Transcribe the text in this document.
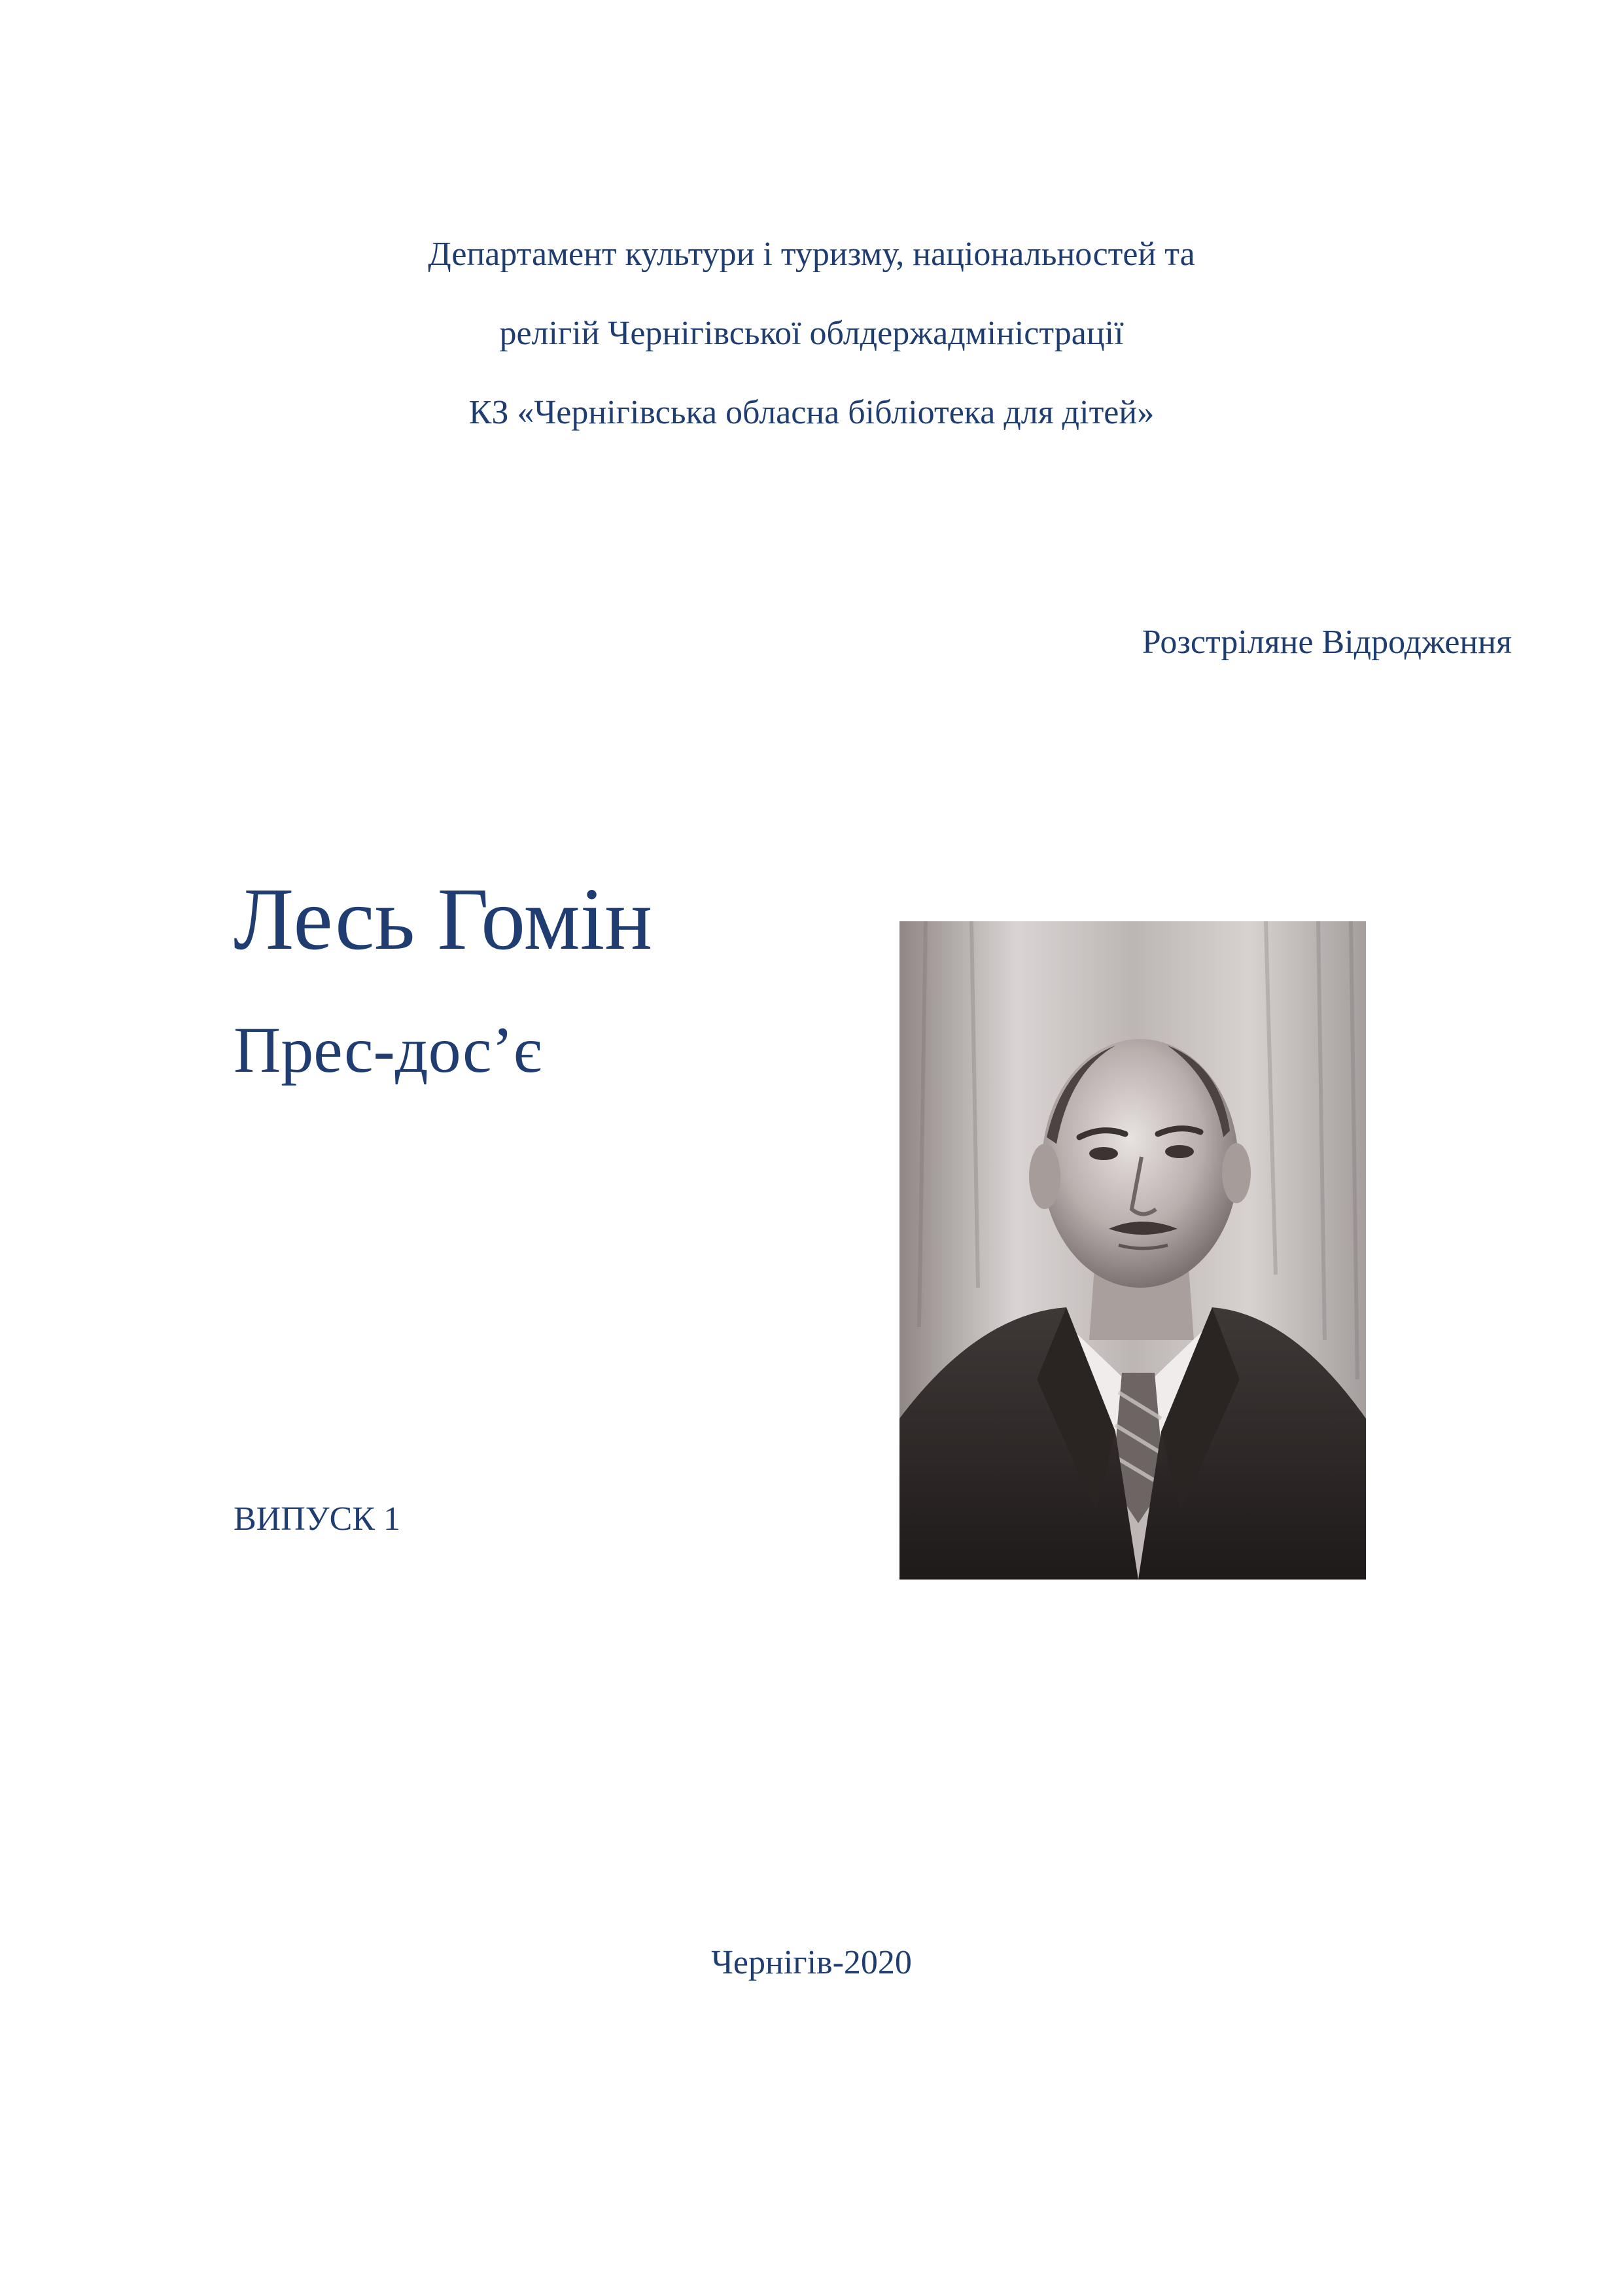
Департамент культури і туризму, національностей та
релігій Чернігівської облдержадміністрації
КЗ «Чернігівська обласна бібліотека для дітей»
Розстріляне Відродження
Лесь Гомін
Прес-дос’є
ВИПУСК 1
Чернігів-2020
